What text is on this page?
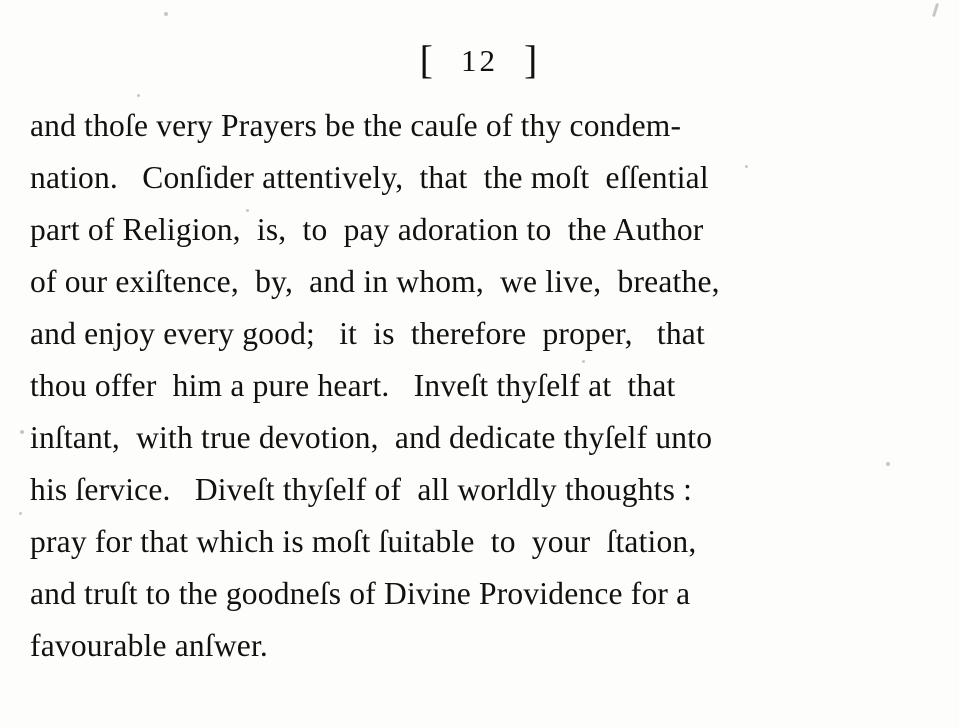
[ 12 ]
and thoſe very Prayers be the cauſe of thy condem-
nation.   Conſider attentively,  that  the moſt  eſſential
part of Religion,  is,  to  pay adoration to  the Author
of our exiſtence,  by,  and in whom,  we live,  breathe,
and enjoy every good;   it  is  therefore  proper,   that
thou offer  him a pure heart.   Inveſt thyſelf at  that
inſtant,  with true devotion,  and dedicate thyſelf unto
his ſervice.   Diveſt thyſelf of  all worldly thoughts :
pray for that which is moſt ſuitable  to  your  ſtation,
and truſt to the goodneſs of Divine Providence for a
favourable anſwer.
